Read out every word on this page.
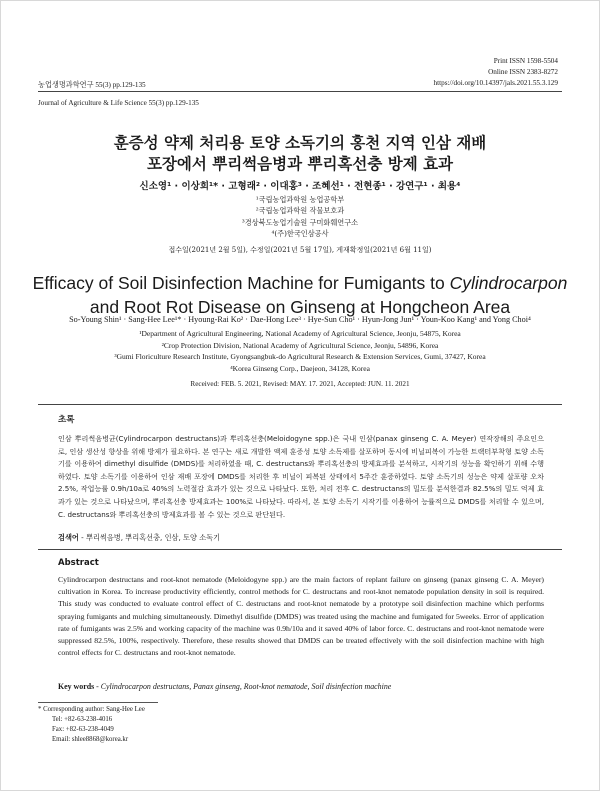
Print ISSN 1598-5504
Online ISSN 2383-8272
https://doi.org/10.14397/jals.2021.55.3.129
농업생명과학연구 55(3) pp.129-135
Journal of Agriculture & Life Science 55(3) pp.129-135
훈증성 약제 처리용 토양 소독기의 홍천 지역 인삼 재배
포장에서 뿌리썩음병과 뿌리혹선충 방제 효과
신소영¹ · 이상희¹* · 고형래² · 이대홍³ · 조혜선¹ · 전현종¹ · 강연구¹ · 최용⁴
¹국립농업과학원 농업공학부
²국립농업과학원 작물보호과
³경상북도농업기술원 구미화훼연구소
⁴(주)한국인삼공사
접수일(2021년 2월 5일), 수정일(2021년 5월 17일), 게재확정일(2021년 6월 11일)
Efficacy of Soil Disinfection Machine for Fumigants to Cylindrocarpon
and Root Rot Disease on Ginseng at Hongcheon Area
So-Young Shin¹ · Sang-Hee Lee¹* · Hyoung-Rai Ko² · Dae-Hong Lee³ · Hye-Sun Cho¹ · Hyun-Jong Jun¹ · Youn-Koo Kang¹ and Yong Choi⁴
¹Department of Agricultural Engineering, National Academy of Agricultural Science, Jeonju, 54875, Korea
²Crop Protection Division, National Academy of Agricultural Science, Jeonju, 54896, Korea
³Gumi Floriculture Research Institute, Gyongsangbuk-do Agricultural Research & Extension Services, Gumi, 37427, Korea
⁴Korea Ginseng Corp., Daejeon, 34128, Korea
Received: FEB. 5. 2021, Revised: MAY. 17. 2021, Accepted: JUN. 11. 2021
초록
인삼 뿌리썩음병균(Cylindrocarpon destructans)과 뿌리혹선충(Meloidogyne spp.)은 국내 인삼(panax ginseng C. A. Meyer) 연작장해의 주요인으로, 인삼 생산성 향상을 위해 방제가 필요하다. 본 연구는 새로 개발한 액제 훈증성 토양 소독제를 살포하며 동시에 비닐피복이 가능한 트랙터부착형 토양 소독기를 이용하여 dimethyl disulfide (DMDS)를 처리하였을 때, C. destructans와 뿌리혹선충의 방제효과를 분석하고, 시작기의 성능을 확인하기 위해 수행하였다. 토양 소독기를 이용하여 인삼 재배 포장에 DMDS를 처리한 후 비닐이 피복된 상태에서 5주간 훈증하였다. 토양 소독기의 성능은 약제 살포량 오차 2.5%, 작업능률 0.9h/10a로 40%의 노력절감 효과가 있는 것으로 나타났다. 또한, 처리 전후 C. destructans의 밀도를 분석한결과 82.5%의 밀도 억제 효과가 있는 것으로 나타났으며, 뿌리혹선충 방제효과는 100%로 나타났다. 따라서, 본 토양 소독기 시작기를 이용하여 능률적으로 DMDS를 처리할 수 있으며, C. destructans와 뿌리혹선충의 방제효과를 볼 수 있는 것으로 판단된다.
검색어 - 뿌리썩음병, 뿌리혹선충, 인삼, 토양 소독기
Abstract
Cylindrocarpon destructans and root-knot nematode (Meloidogyne spp.) are the main factors of replant failure on ginseng (panax ginseng C. A. Meyer) cultivation in Korea. To increase productivity efficiently, control methods for C. destructans and root-knot nematode population density in soil is required. This study was conducted to evaluate control effect of C. destructans and root-knot nematode by a prototype soil disinfection machine which performs spraying fumigants and mulching simultaneously. Dimethyl disulfide (DMDS) was treated using the machine and fumigated for 5weeks. Error of application rate of fumigants was 2.5% and working capacity of the machine was 0.9h/10a and it saved 40% of labor force. C. destructans and root-knot nematode were suppressed 82.5%, 100%, respectively. Therefore, these results showed that DMDS can be treated effectively with the soil disinfection machine with high control effects for C. destructans and root-knot nematode.
Key words - Cylindrocarpon destructans, Panax ginseng, Root-knot nematode, Soil disinfection machine
* Corresponding author: Sang-Hee Lee
Tel: +82-63-238-4016
Fax: +82-63-238-4049
Email: shlee8868@korea.kr
